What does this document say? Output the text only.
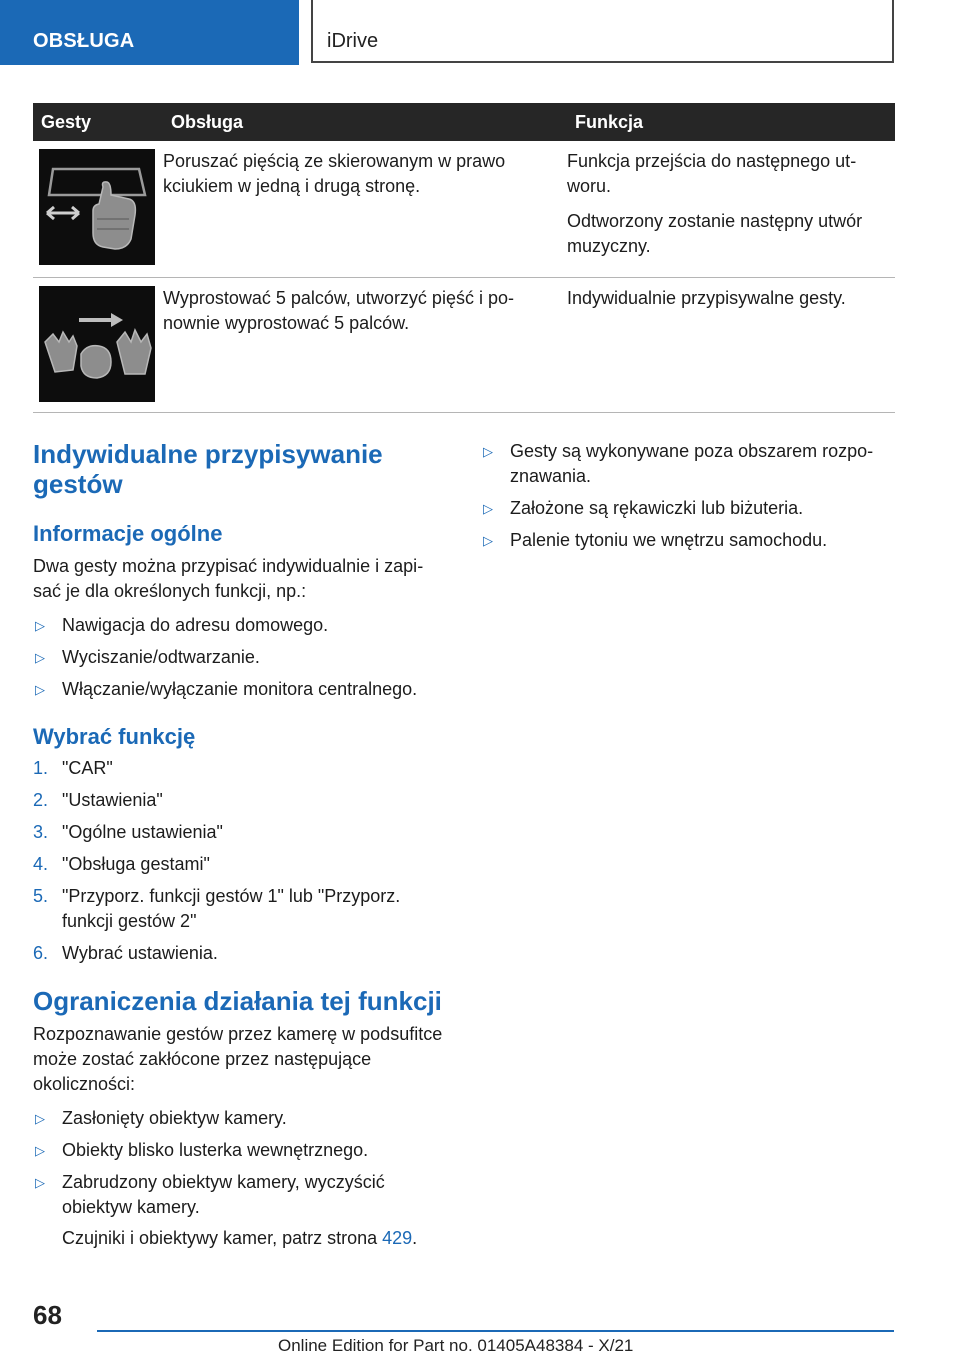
OBSŁUGA	iDrive
Gesty	Obsługa	Funkcja

	Poruszać pięścią ze skierowanym w prawo kciukiem w jedną i drugą stronę.	Funkcja przejścia do następnego utworu.

Odtworzony zostanie następny utwór muzyczny.

	Wyprostować 5 palców, utworzyć pięść i ponownie wyprostować 5 palców.	Indywidualnie przypisywalne gesty.

Indywidualne przypisywanie gestów
Informacje ogólne

Dwa gesty można przypisać indywidualnie i zapisać je dla określonych funkcji, np.:

▷ Nawigacja do adresu domowego.
▷ Wyciszanie/odtwarzanie.
▷ Włączanie/wyłączanie monitora centralnego.
Wybrać funkcję
1. "CAR"
2. "Ustawienia"
3. "Ogólne ustawienia"
4. "Obsługa gestami"
5. "Przyporz. funkcji gestów 1" lub "Przyporz. funkcji gestów 2"
6. Wybrać ustawienia.
Ograniczenia działania tej funkcji

Rozpoznawanie gestów przez kamerę w podsufitce może zostać zakłócone przez następujące okoliczności:

▷ Zasłonięty obiektyw kamery.
▷ Obiekty blisko lusterka wewnętrznego.
▷ Zabrudzony obiektyw kamery, wyczyścić obiektyw kamery.

Czujniki i obiektywy kamer, patrz strona 429.

▷ Gesty są wykonywane poza obszarem rozpoznawania.
▷ Założone są rękawiczki lub biżuteria.
▷ Palenie tytoniu we wnętrzu samochodu.
68
Online Edition for Part no. 01405A48384 - X/21
